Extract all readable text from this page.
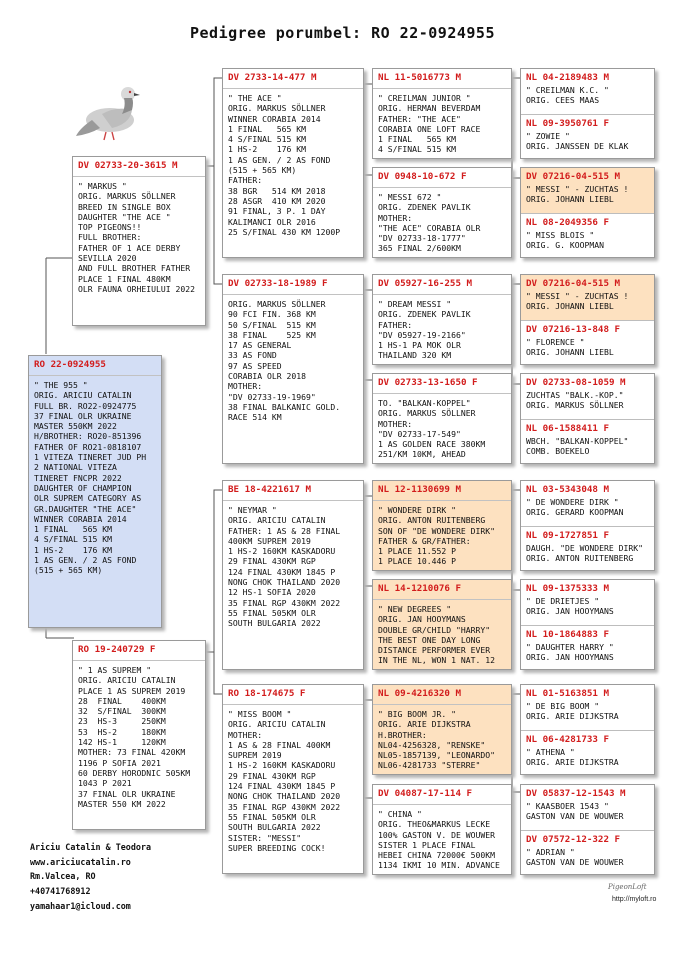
Pedigree porumbel: RO 22-0924955
DV 02733-20-3615 M
" MARKUS "
ORIG. MARKUS SÖLLNER
BREED IN SINGLE BOX
DAUGHTER "THE ACE "
TOP PIGEONS!!
FULL BROTHER:
FATHER OF 1 ACE DERBY
SEVILLA 2020
AND FULL BROTHER FATHER
PLACE 1 FINAL 480KM
OLR FAUNA ORHEIULUI 2022
RO 22-0924955
" THE 955 "
ORIG. ARICIU CATALIN
FULL BR. RO22-0924775
37 FINAL OLR UKRAINE
MASTER 550KM 2022
H/BROTHER: RO20-851396
FATHER OF RO21-0818107
1 VITEZA TINERET JUD PH
2 NATIONAL VITEZA
TINERET FNCPR 2022
DAUGHTER OF CHAMPION
OLR SUPREM CATEGORY AS
GR.DAUGHTER "THE ACE"
WINNER CORABIA 2014
1 FINAL   565 KM
4 S/FINAL 515 KM
1 HS-2    176 KM
1 AS GEN. / 2 AS FOND
(515 + 565 KM)
RO 19-240729 F
" 1 AS SUPREM "
ORIG. ARICIU CATALIN
PLACE 1 AS SUPREM 2019
28  FINAL    400KM
32  S/FINAL  300KM
23  HS-3     250KM
53  HS-2     180KM
142 HS-1     120KM
MOTHER: 73 FINAL 420KM
1196 P SOFIA 2021
60 DERBY HORODNIC 505KM
1043 P 2021
37 FINAL OLR UKRAINE
MASTER 550 KM 2022
DV 2733-14-477 M
" THE ACE "
ORIG. MARKUS SÖLLNER
WINNER CORABIA 2014
1 FINAL   565 KM
4 S/FINAL 515 KM
1 HS-2    176 KM
1 AS GEN. / 2 AS FOND
(515 + 565 KM)
FATHER:
38 BGR   514 KM 2018
28 ASGR  410 KM 2020
91 FINAL, 3 P. 1 DAY
KALIMANCI OLR 2016
25 S/FINAL 430 KM 1200P
DV 02733-18-1989 F
ORIG. MARKUS SÖLLNER
90 FCI FIN. 368 KM
50 S/FINAL  515 KM
38 FINAL    525 KM
17 AS GENERAL
33 AS FOND
97 AS SPEED
CORABIA OLR 2018
MOTHER:
"DV 02733-19-1969"
38 FINAL BALKANIC GOLD.
RACE 514 KM
BE 18-4221617 M
" NEYMAR "
ORIG. ARICIU CATALIN
FATHER: 1 AS & 28 FINAL
400KM SUPREM 2019
1 HS-2 160KM KASKADORU
29 FINAL 430KM RGP
124 FINAL 430KM 1845 P
NONG CHOK THAILAND 2020
12 HS-1 SOFIA 2020
35 FINAL RGP 430KM 2022
55 FINAL 505KM OLR
SOUTH BULGARIA 2022
RO 18-174675 F
" MISS BOOM "
ORIG. ARICIU CATALIN
MOTHER:
1 AS & 28 FINAL 400KM
SUPREM 2019
1 HS-2 160KM KASKADORU
29 FINAL 430KM RGP
124 FINAL 430KM 1845 P
NONG CHOK THAILAND 2020
35 FINAL RGP 430KM 2022
55 FINAL 505KM OLR
SOUTH BULGARIA 2022
SISTER: "MESSI"
SUPER BREEDING COCK!
NL 11-5016773 M
" CREILMAN JUNIOR "
ORIG. HERMAN BEVERDAM
FATHER: "THE ACE"
CORABIA ONE LOFT RACE
1 FINAL   565 KM
4 S/FINAL 515 KM
DV 0948-10-672 F
" MESSI 672 "
ORIG. ZDENEK PAVLIK
MOTHER:
"THE ACE" CORABIA OLR
"DV 02733-18-1777"
365 FINAL 2/600KM
DV 05927-16-255 M
" DREAM MESSI "
ORIG. ZDENEK PAVLIK
FATHER:
"DV 05927-19-2166"
1 HS-1 PA MOK OLR
THAILAND 320 KM
DV 02733-13-1650 F
TO. "BALKAN-KOPPEL"
ORIG. MARKUS SÖLLNER
MOTHER:
"DV 02733-17-549"
1 AS GOLDEN RACE 380KM
251/KM 10KM, AHEAD
NL 12-1130699 M
" WONDERE DIRK "
ORIG. ANTON RUITENBERG
SON OF "DE WONDERE DIRK"
FATHER & GR/FATHER:
1 PLACE 11.552 P
1 PLACE 10.446 P
NL 14-1210076 F
" NEW DEGREES "
ORIG. JAN HOOYMANS
DOUBLE GR/CHILD "HARRY"
THE BEST ONE DAY LONG
DISTANCE PERFORMER EVER
IN THE NL, WON 1 NAT. 12
NL 09-4216320 M
" BIG BOOM JR. "
ORIG. ARIE DIJKSTRA
H.BROTHER:
NL04-4256328, "RENSKE"
NL05-1857139, "LEONARDO"
NL06-4281733 "STERRE"
DV 04087-17-114 F
" CHINA "
ORIG. THEO&MARKUS LECKE
100% GASTON V. DE WOUWER
SISTER 1 PLACE FINAL
HEBEI CHINA 72000€ 500KM
1134 IKMI 10 MIN. ADVANCE
NL 04-2189483 M
" CREILMAN K.C. "
ORIG. CEES MAAS
NL 09-3950761 F
" ZOWIE "
ORIG. JANSSEN DE KLAK
DV 07216-04-515 M
" MESSI " - ZUCHTAS !
ORIG. JOHANN LIEBL
NL 08-2049356 F
" MISS BLOIS "
ORIG. G. KOOPMAN
DV 07216-04-515 M
" MESSI " - ZUCHTAS !
ORIG. JOHANN LIEBL
DV 07216-13-848 F
" FLORENCE "
ORIG. JOHANN LIEBL
DV 02733-08-1059 M
ZUCHTAS "BALK.-KOP."
ORIG. MARKUS SÖLLNER
NL 06-1588411 F
WBCH. "BALKAN-KOPPEL"
COMB. BOEKELO
NL 03-5343048 M
" DE WONDERE DIRK "
ORIG. GERARD KOOPMAN
NL 09-1727851 F
DAUGH. "DE WONDERE DIRK"
ORIG. ANTON RUITENBERG
NL 09-1375333 M
" DE DRIETJES "
ORIG. JAN HOOYMANS
NL 10-1864883 F
" DAUGHTER HARRY "
ORIG. JAN HOOYMANS
NL 01-5163851 M
" DE BIG BOOM "
ORIG. ARIE DIJKSTRA
NL 06-4281733 F
" ATHENA "
ORIG. ARIE DIJKSTRA
DV 05837-12-1543 M
" KAASBOER 1543 "
GASTON VAN DE WOUWER
DV 07572-12-322 F
" ADRIAN "
GASTON VAN DE WOUWER
Ariciu Catalin & Teodora
www.ariciucatalin.ro
Rm.Valcea, RO
+40741768912
yamahaar1@icloud.com
PigeonLoft
http://myloft.ro
